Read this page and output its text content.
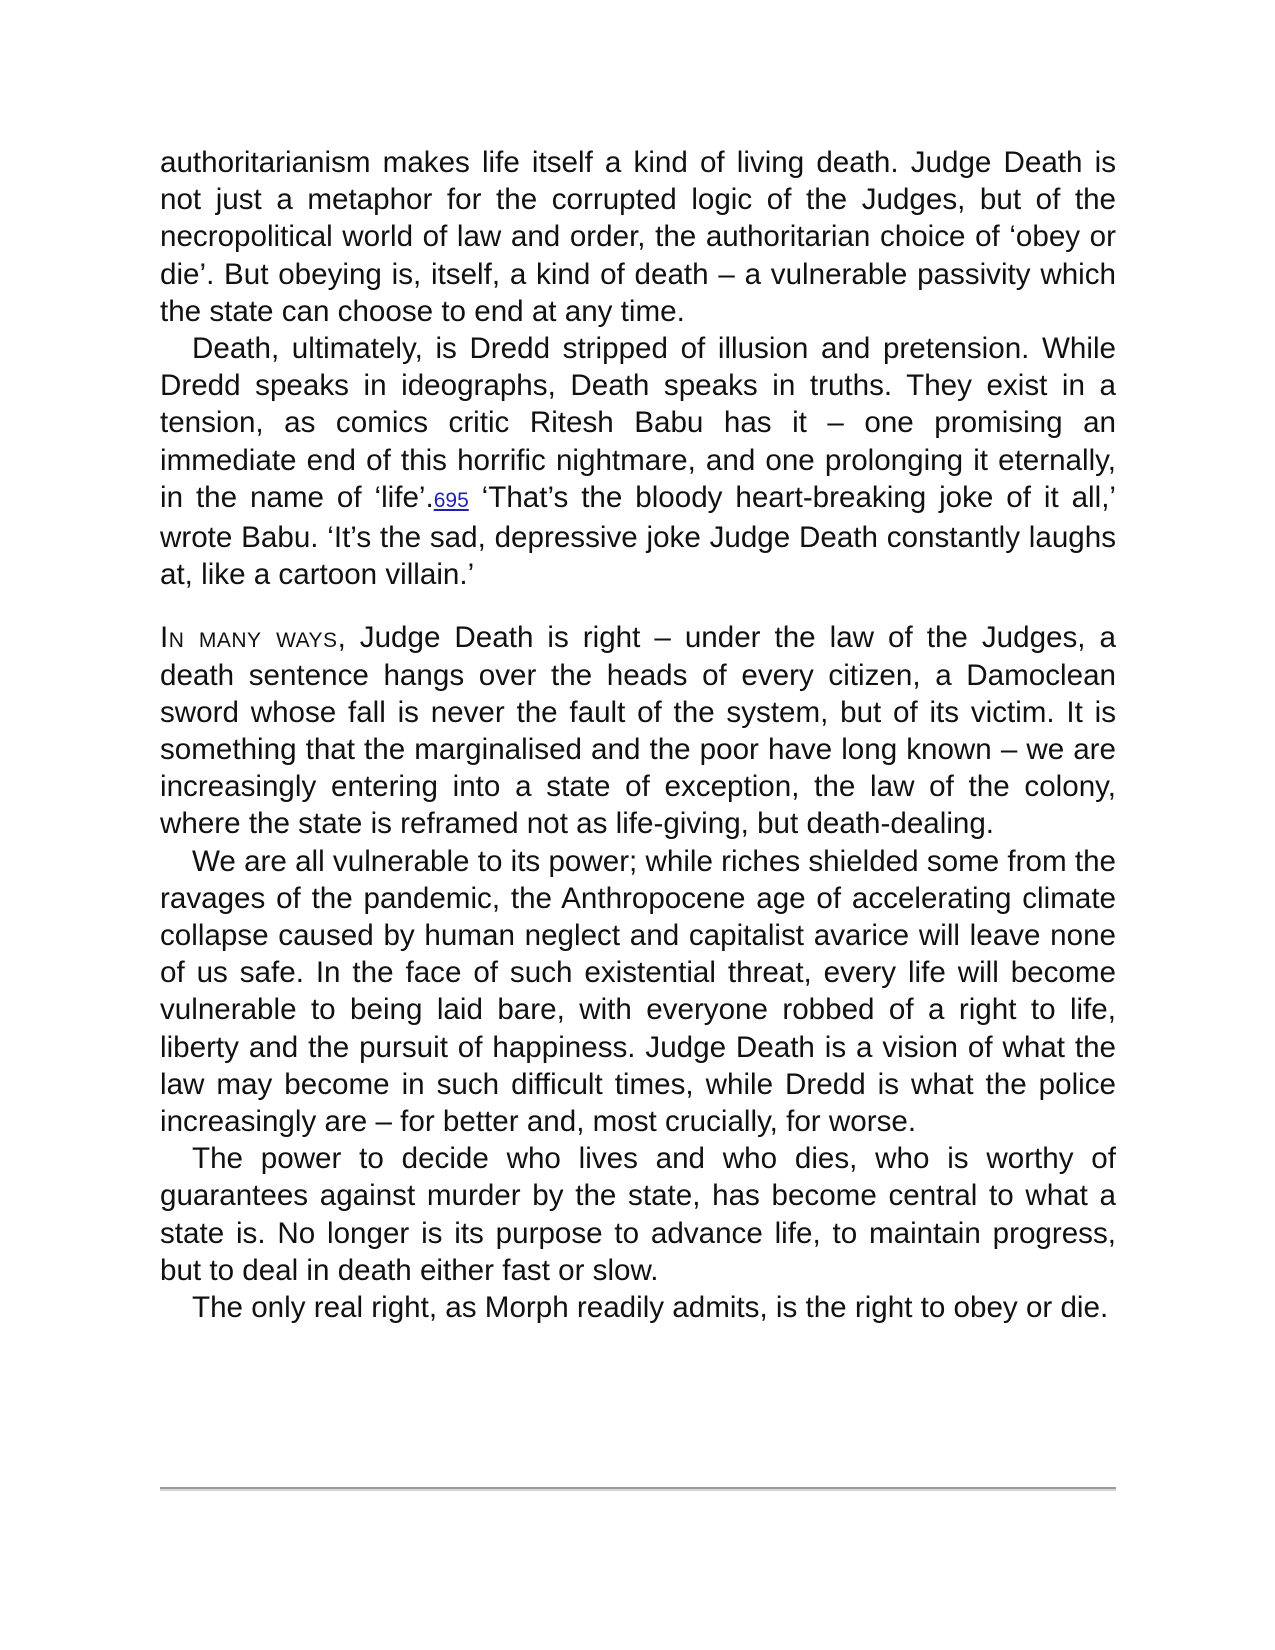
authoritarianism makes life itself a kind of living death. Judge Death is not just a metaphor for the corrupted logic of the Judges, but of the necropolitical world of law and order, the authoritarian choice of ‘obey or die’. But obeying is, itself, a kind of death – a vulnerable passivity which the state can choose to end at any time.

Death, ultimately, is Dredd stripped of illusion and pretension. While Dredd speaks in ideographs, Death speaks in truths. They exist in a tension, as comics critic Ritesh Babu has it – one promising an immediate end of this horrific nightmare, and one prolonging it eternally, in the name of ‘life’.695 ‘That’s the bloody heart-breaking joke of it all,’ wrote Babu. ‘It’s the sad, depressive joke Judge Death constantly laughs at, like a cartoon villain.’

In many ways, Judge Death is right – under the law of the Judges, a death sentence hangs over the heads of every citizen, a Damoclean sword whose fall is never the fault of the system, but of its victim. It is something that the marginalised and the poor have long known – we are increasingly entering into a state of exception, the law of the colony, where the state is reframed not as life-giving, but death-dealing.

We are all vulnerable to its power; while riches shielded some from the ravages of the pandemic, the Anthropocene age of accelerating climate collapse caused by human neglect and capitalist avarice will leave none of us safe. In the face of such existential threat, every life will become vulnerable to being laid bare, with everyone robbed of a right to life, liberty and the pursuit of happiness. Judge Death is a vision of what the law may become in such difficult times, while Dredd is what the police increasingly are – for better and, most crucially, for worse.

The power to decide who lives and who dies, who is worthy of guarantees against murder by the state, has become central to what a state is. No longer is its purpose to advance life, to maintain progress, but to deal in death either fast or slow.

The only real right, as Morph readily admits, is the right to obey or die.
